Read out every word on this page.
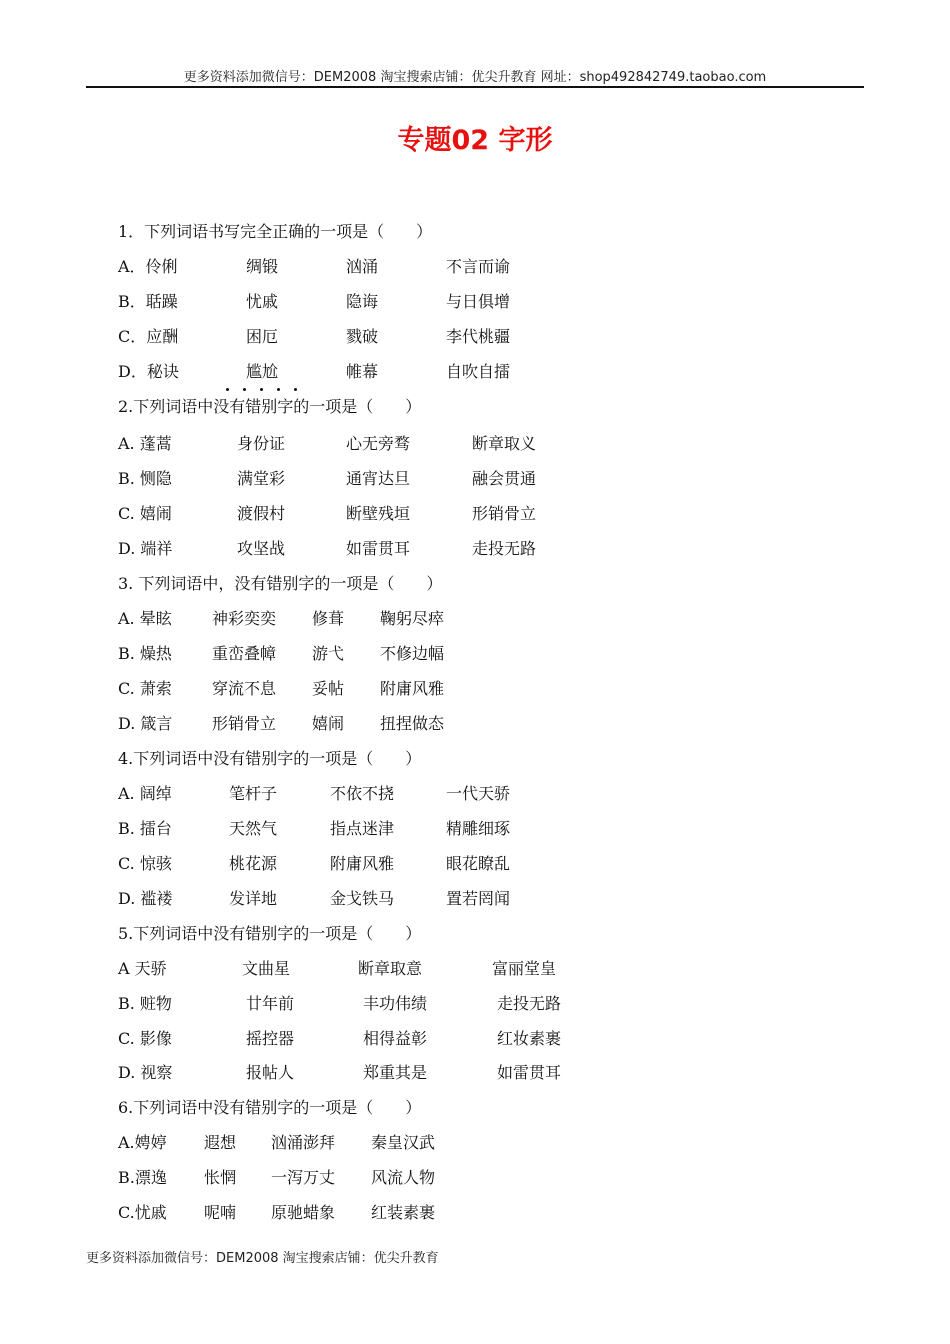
更多资料添加微信号：DEM2008 淘宝搜索店铺：优尖升教育 网址：shop492842749.taobao.com
专题02 字形
1．下列词语书写完全正确的一项是（　　）
A．伶俐	绸锻	汹涌	不言而谕
B．聒躁	忧戚	隐诲	与日俱增
C．应酬	困厄	戮破	李代桃疆
D．秘诀	尴尬	帷幕	自吹自擂
2.下列词语中没有错别字的一项是（　　）
A. 蓬蒿	身份证	心无旁骛	断章取义
B. 恻隐	满堂彩	通宵达旦	融会贯通
C. 嬉闹	渡假村	断壁残垣	形销骨立
D. 端祥	攻坚战	如雷贯耳	走投无路
3. 下列词语中，没有错别字的一项是（　　）
A. 晕眩	神彩奕奕 修葺 鞠躬尽瘁
B. 燥热	重峦叠幛 游弋 不修边幅
C. 萧索	穿流不息 妥帖 附庸风雅
D. 箴言 形销骨立 嬉闹 扭捏做态
4.下列词语中没有错别字的一项是（　　）
A. 阔绰	笔杆子	不依不挠	一代天骄
B. 擂台	天然气	指点迷津	精雕细琢
C. 惊骇	桃花源	附庸风雅	眼花瞭乱
D. 褴褛	发详地	金戈铁马	置若罔闻
5.下列词语中没有错别字的一项是（　　）
A 天骄	文曲星	断章取意	富丽堂皇
B. 赃物	廿年前	丰功伟绩	走投无路
C. 影像	摇控器	相得益彰	红妆素裹
D. 视察	报帖人	郑重其是	如雷贯耳
6.下列词语中没有错别字的一项是（　　）
A.娉婷 遐想 汹涌澎拜 秦皇汉武
B.漂逸 怅惘 一泻万丈 风流人物
C.忧戚 呢喃 原驰蜡象 红装素裹
更多资料添加微信号：DEM2008 淘宝搜索店铺：优尖升教育
